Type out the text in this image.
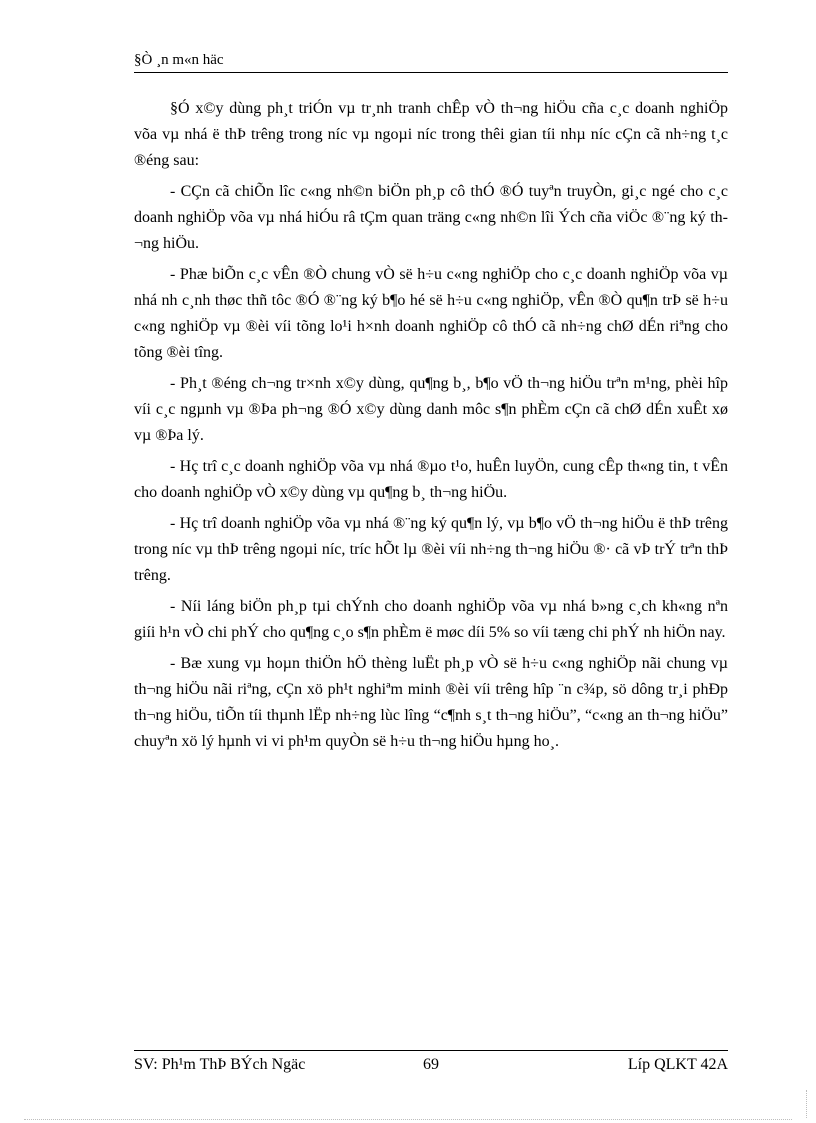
§Ò ¸n m«n häc

§Ó x©y dùng ph¸t triÓn vµ tr¸nh tranh chÊp vÒ th¬ng hiÖu cña c¸c doanh nghiÖp võa vµ nhá ë thÞ trêng trong níc vµ ngoµi níc trong thêi gian tíi nhµ níc cÇn cã nh÷ng t¸c ®éng sau:

- CÇn cã chiÕn lîc c«ng nh©n biÖn ph¸p cô thÓ ®Ó tuyªn truyÒn, gi¸c ngé cho c¸c doanh nghiÖp võa vµ nhá hiÓu râ tÇm quan träng c«ng nh©n lîi Ých cña viÖc ®¨ng ký th¬ng hiÖu.

- Phæ biÕn c¸c vÊn ®Ò chung vÒ së h÷u c«ng nghiÖp cho c¸c doanh nghiÖp võa vµ nhá nh c¸nh thøc thñ tôc ®Ó ®¨ng ký b¶o hé së h÷u c«ng nghiÖp, vÊn ®Ò qu¶n trÞ së h÷u c«ng nghiÖp vµ ®èi víi tõng lo¹i h×nh doanh nghiÖp cô thÓ cã nh÷ng chØ dÉn riªng cho tõng ®èi tîng.

- Ph¸t ®éng ch¬ng tr×nh x©y dùng, qu¶ng b¸, b¶o vÖ th¬ng hiÖu trªn m¹ng, phèi hîp víi c¸c ngµnh vµ ®Þa ph¬ng ®Ó x©y dùng danh môc s¶n phÈm cÇn cã chØ dÉn xuÊt xø vµ ®Þa lý.

- Hç trî c¸c doanh nghiÖp võa vµ nhá ®µo t¹o, huÊn luyÖn, cung cÊp th«ng tin, t vÊn cho doanh nghiÖp vÒ x©y dùng vµ qu¶ng b¸ th¬ng hiÖu.

- Hç trî doanh nghiÖp võa vµ nhá ®¨ng ký qu¶n lý, vµ b¶o vÖ th¬ng hiÖu ë thÞ trêng trong níc vµ thÞ trêng ngoµi níc, tríc hÕt lµ ®èi víi nh÷ng th¬ng hiÖu ®· cã vÞ trÝ trªn thÞ trêng.

- Níi láng biÖn ph¸p tµi chÝnh cho doanh nghiÖp võa vµ nhá b»ng c¸ch kh«ng nªn giíi h¹n vÒ chi phÝ cho qu¶ng c¸o s¶n phÈm ë møc díi 5% so víi tæng chi phÝ nh hiÖn nay.

- Bæ xung vµ hoµn thiÖn hÖ thèng luËt ph¸p vÒ së h÷u c«ng nghiÖp nãi chung vµ th¬ng hiÖu nãi riªng, cÇn xö ph¹t nghiªm minh ®èi víi trêng hîp ¨n c¾p, sö dông tr¸i phÐp th¬ng hiÖu, tiÕn tíi thµnh lËp nh÷ng lùc lîng “c¶nh s¸t th¬ng hiÖu”, “c«ng an th¬ng hiÖu” chuyªn xö lý hµnh vi vi ph¹m quyÒn së h÷u th¬ng hiÖu hµng ho¸.

SV: Ph¹m ThÞ BÝch Ngäc	69	Líp QLKT 42A
